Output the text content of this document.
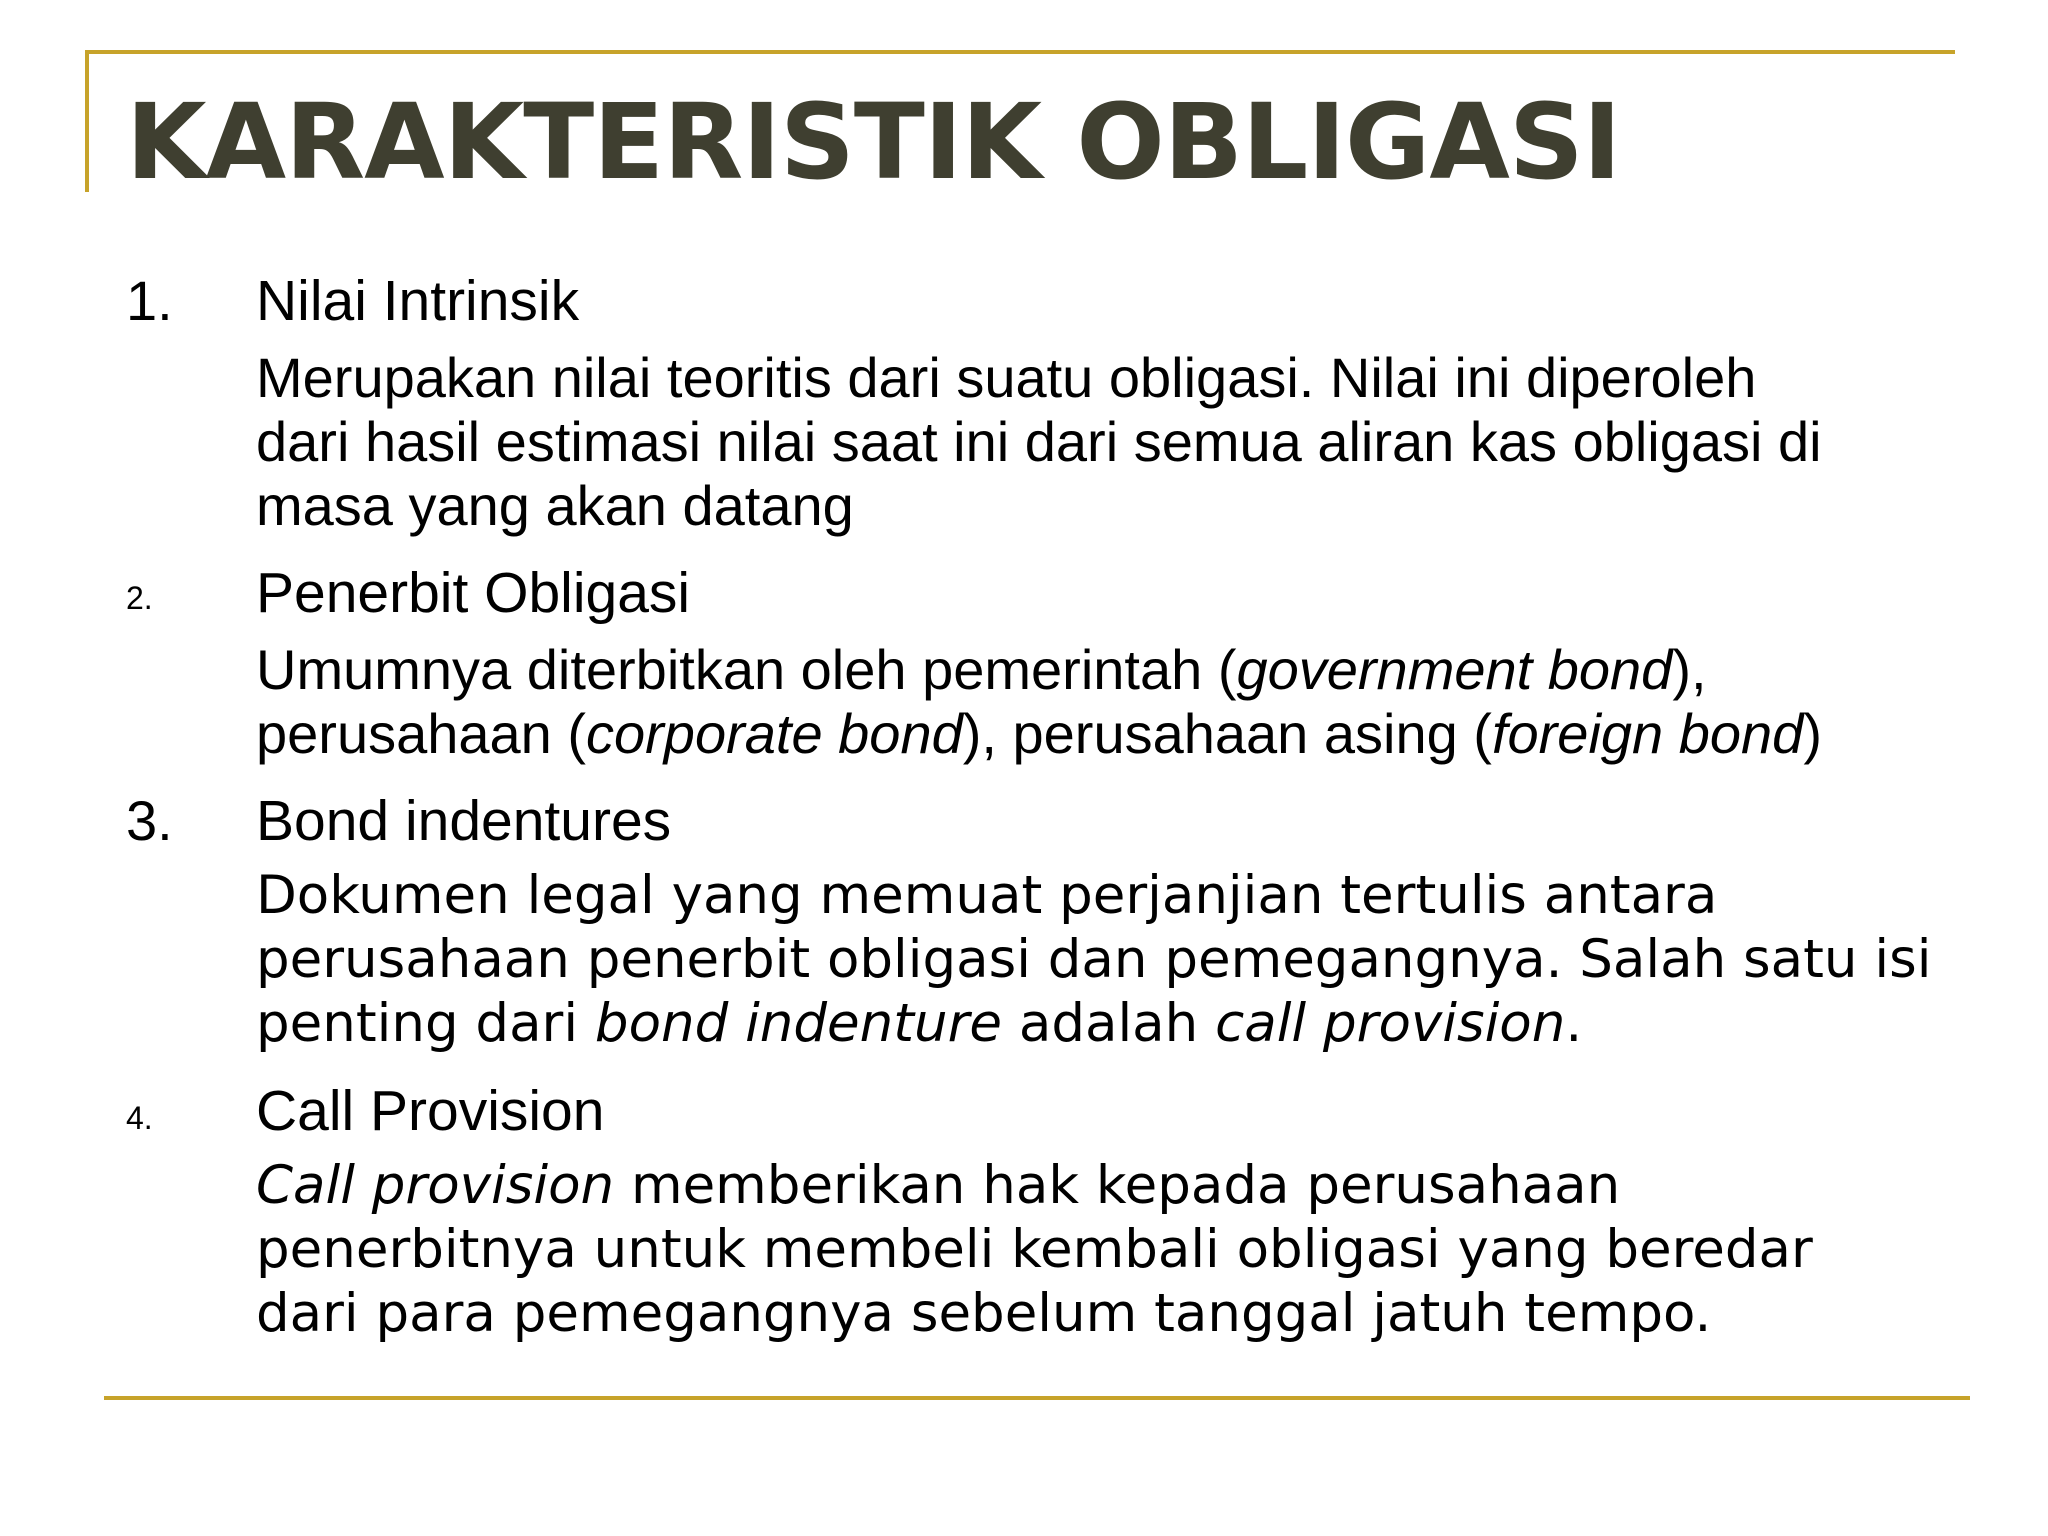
KARAKTERISTIK OBLIGASI
1. Nilai Intrinsik
Merupakan nilai teoritis dari suatu obligasi. Nilai ini diperoleh
dari hasil estimasi nilai saat ini dari semua aliran kas obligasi di
masa yang akan datang
2. Penerbit Obligasi
Umumnya diterbitkan oleh pemerintah (government bond),
perusahaan (corporate bond), perusahaan asing (foreign bond)
3. Bond indentures
Dokumen legal yang memuat perjanjian tertulis antara
perusahaan penerbit obligasi dan pemegangnya. Salah satu isi
penting dari bond indenture adalah call provision.
4. Call Provision
Call provision memberikan hak kepada perusahaan
penerbitnya untuk membeli kembali obligasi yang beredar
dari para pemegangnya sebelum tanggal jatuh tempo.
